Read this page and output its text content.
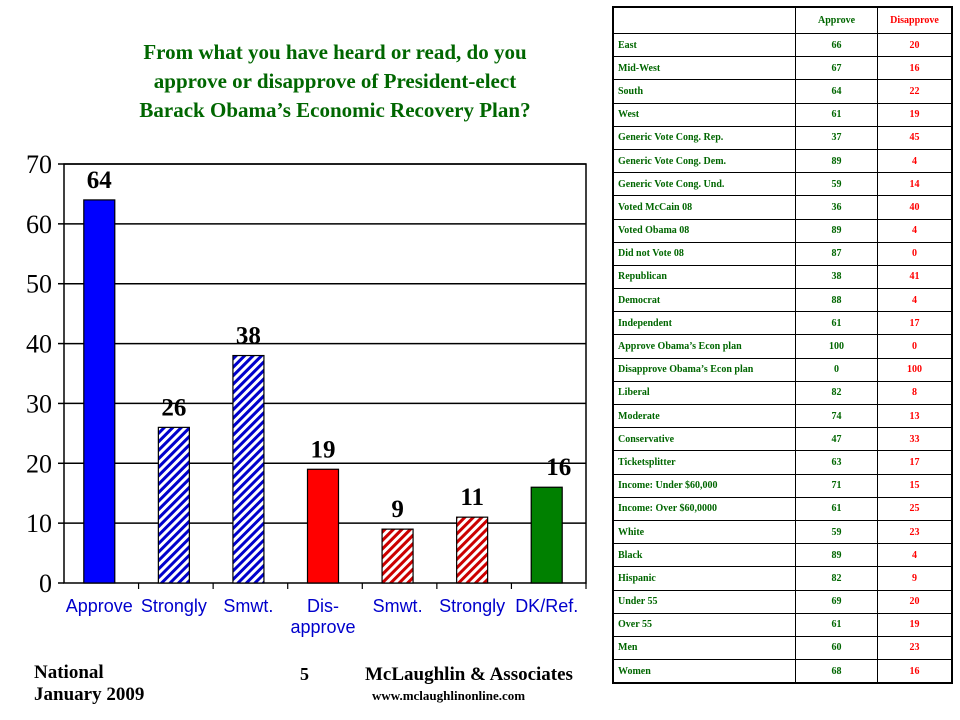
From what you have heard or read, do you
approve or disapprove of President-elect
Barack Obama’s Economic Recovery Plan?
0
10
20
30
40
50
60
70
64
Approve
26
Strongly
38
Smwt.
19
Dis-
approve
9
Smwt.
11
Strongly
16
DK/Ref.
National
January 2009
5	McLaughlin & Associates
www.mclaughlinonline.com
	Approve	Disapprove
East	66	20
Mid-West	67	16
South	64	22
West	61	19
Generic Vote Cong. Rep.	37	45
Generic Vote Cong. Dem.	89	4
Generic Vote Cong. Und.	59	14
Voted McCain 08	36	40
Voted Obama 08	89	4
Did not Vote 08	87	0
Republican	38	41
Democrat	88	4
Independent	61	17
Approve Obama’s Econ plan	100	0
Disapprove Obama’s Econ plan	0	100
Liberal	82	8
Moderate	74	13
Conservative	47	33
Ticketsplitter	63	17
Income: Under $60,000	71	15
Income: Over $60,0000	61	25
White	59	23
Black	89	4
Hispanic	82	9
Under 55	69	20
Over 55	61	19
Men	60	23
Women	68	16
